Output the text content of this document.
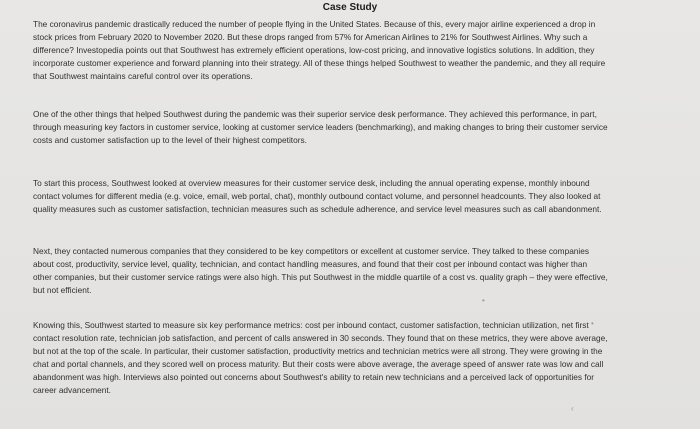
Case Study

The coronavirus pandemic drastically reduced the number of people flying in the United States. Because of this, every major airline experienced a drop in stock prices from February 2020 to November 2020. But these drops ranged from 57% for American Airlines to 21% for Southwest Airlines. Why such a difference? Investopedia points out that Southwest has extremely efficient operations, low-cost pricing, and innovative logistics solutions. In addition, they incorporate customer experience and forward planning into their strategy. All of these things helped Southwest to weather the pandemic, and they all require that Southwest maintains careful control over its operations.

One of the other things that helped Southwest during the pandemic was their superior service desk performance. They achieved this performance, in part, through measuring key factors in customer service, looking at customer service leaders (benchmarking), and making changes to bring their customer service costs and customer satisfaction up to the level of their highest competitors.

To start this process, Southwest looked at overview measures for their customer service desk, including the annual operating expense, monthly inbound contact volumes for different media (e.g. voice, email, web portal, chat), monthly outbound contact volume, and personnel headcounts. They also looked at quality measures such as customer satisfaction, technician measures such as schedule adherence, and service level measures such as call abandonment.

Next, they contacted numerous companies that they considered to be key competitors or excellent at customer service. They talked to these companies about cost, productivity, service level, quality, technician, and contact handling measures, and found that their cost per inbound contact was higher than other companies, but their customer service ratings were also high. This put Southwest in the middle quartile of a cost vs. quality graph – they were effective, but not efficient.

Knowing this, Southwest started to measure six key performance metrics: cost per inbound contact, customer satisfaction, technician utilization, net first contact resolution rate, technician job satisfaction, and percent of calls answered in 30 seconds. They found that on these metrics, they were above average, but not at the top of the scale. In particular, their customer satisfaction, productivity metrics and technician metrics were all strong. They were growing in the chat and portal channels, and they scored well on process maturity. But their costs were above average, the average speed of answer rate was low and call abandonment was high. Interviews also pointed out concerns about Southwest's ability to retain new technicians and a perceived lack of opportunities for career advancement.

•
•
‹
